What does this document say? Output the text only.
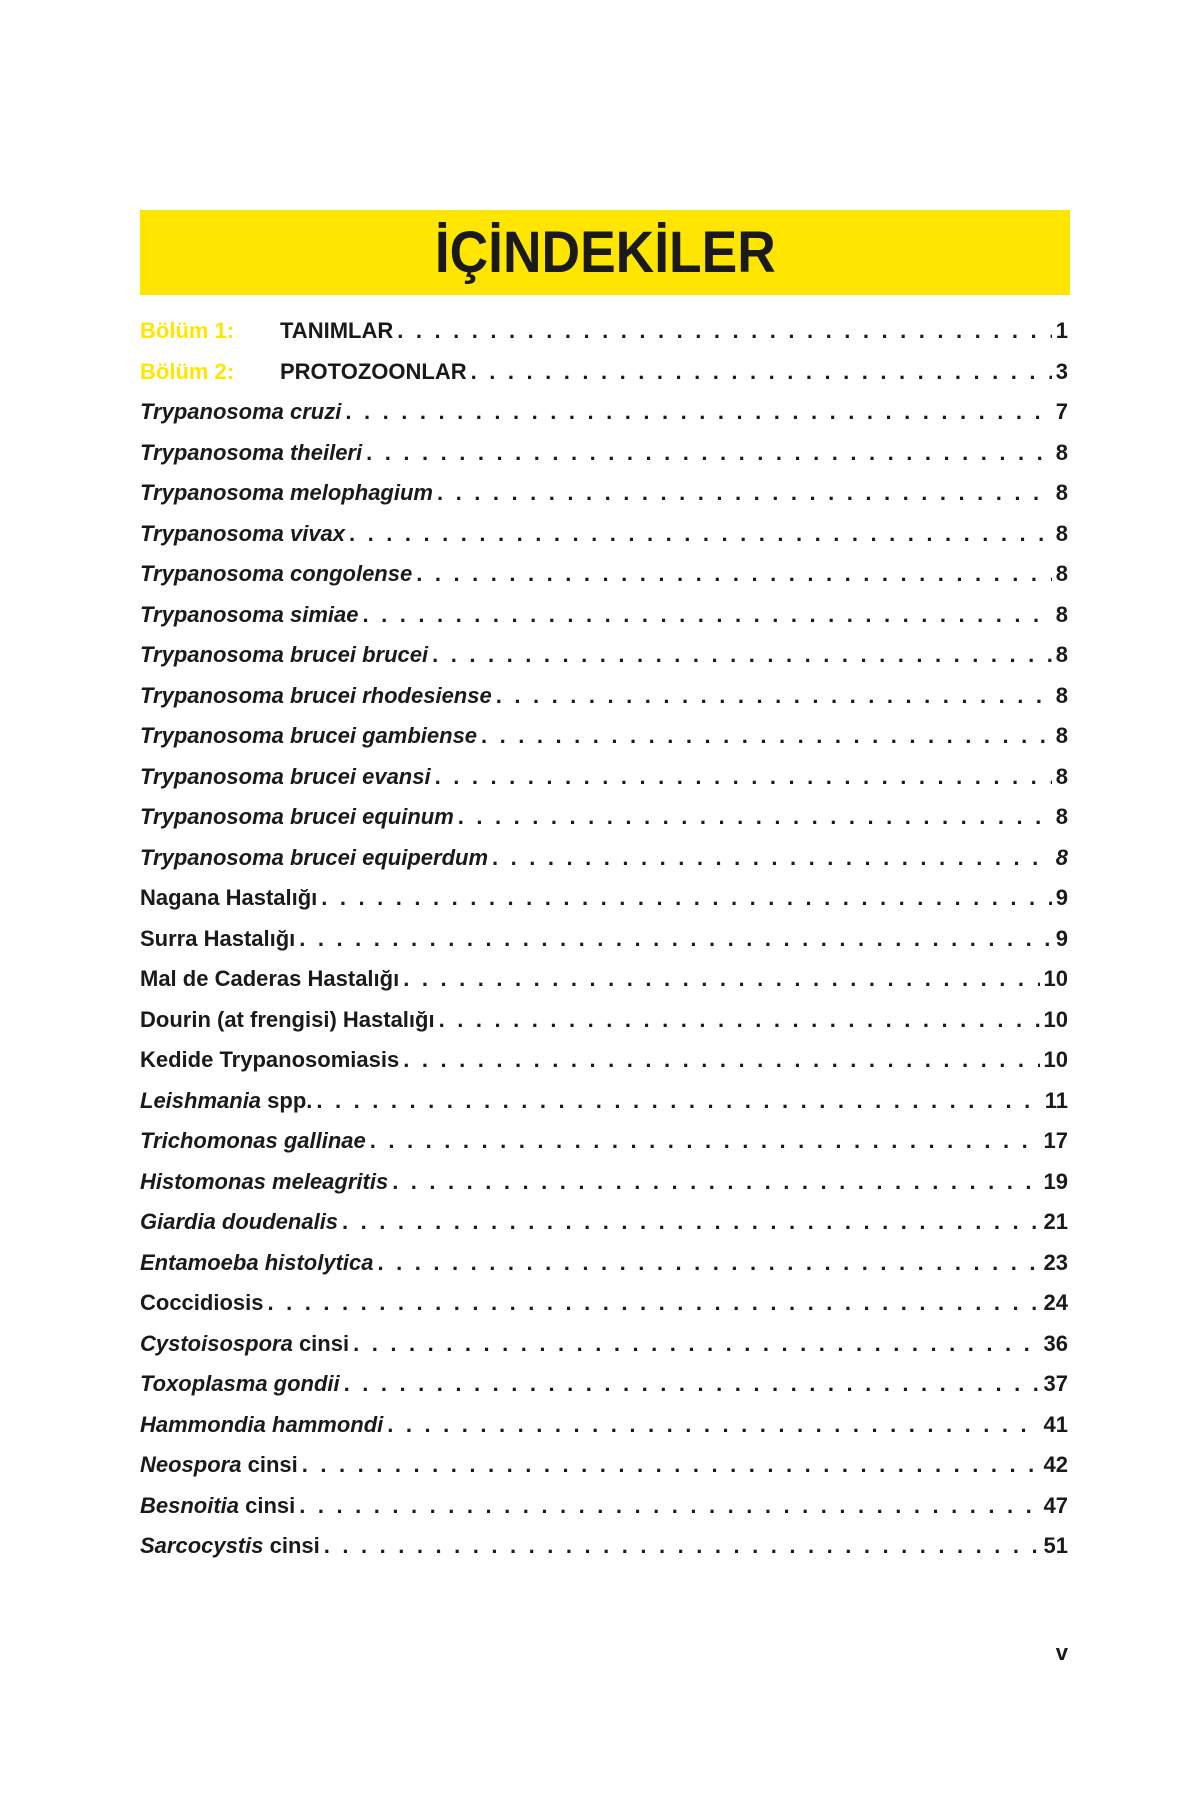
İÇİNDEKİLER
Bölüm 1:	TANIMLAR . . .	1
Bölüm 2:	PROTOZOONLAR . . .	3
Trypanosoma cruzi . . .	7
Trypanosoma theileri . . .	8
Trypanosoma melophagium . . .	8
Trypanosoma vivax . . .	8
Trypanosoma congolense . . .	8
Trypanosoma simiae . . .	8
Trypanosoma brucei brucei . . .	8
Trypanosoma brucei rhodesiense . . .	8
Trypanosoma brucei gambiense . . .	8
Trypanosoma brucei evansi . . .	8
Trypanosoma brucei equinum . . .	8
Trypanosoma brucei equiperdum . . .	8
Nagana Hastalığı . . .	9
Surra Hastalığı . . .	9
Mal de Caderas Hastalığı . . .	10
Dourin (at frengisi) Hastalığı . . .	10
Kedide Trypanosomiasis . . .	10
Leishmania spp. . . .	11
Trichomonas gallinae . . .	17
Histomonas meleagritis . . .	19
Giardia doudenalis . . .	21
Entamoeba histolytica . . .	23
Coccidiosis . . .	24
Cystoisospora cinsi . . .	36
Toxoplasma gondii . . .	37
Hammondia hammondi . . .	41
Neospora cinsi . . .	42
Besnoitia cinsi . . .	47
Sarcocystis cinsi . . .	51
v
